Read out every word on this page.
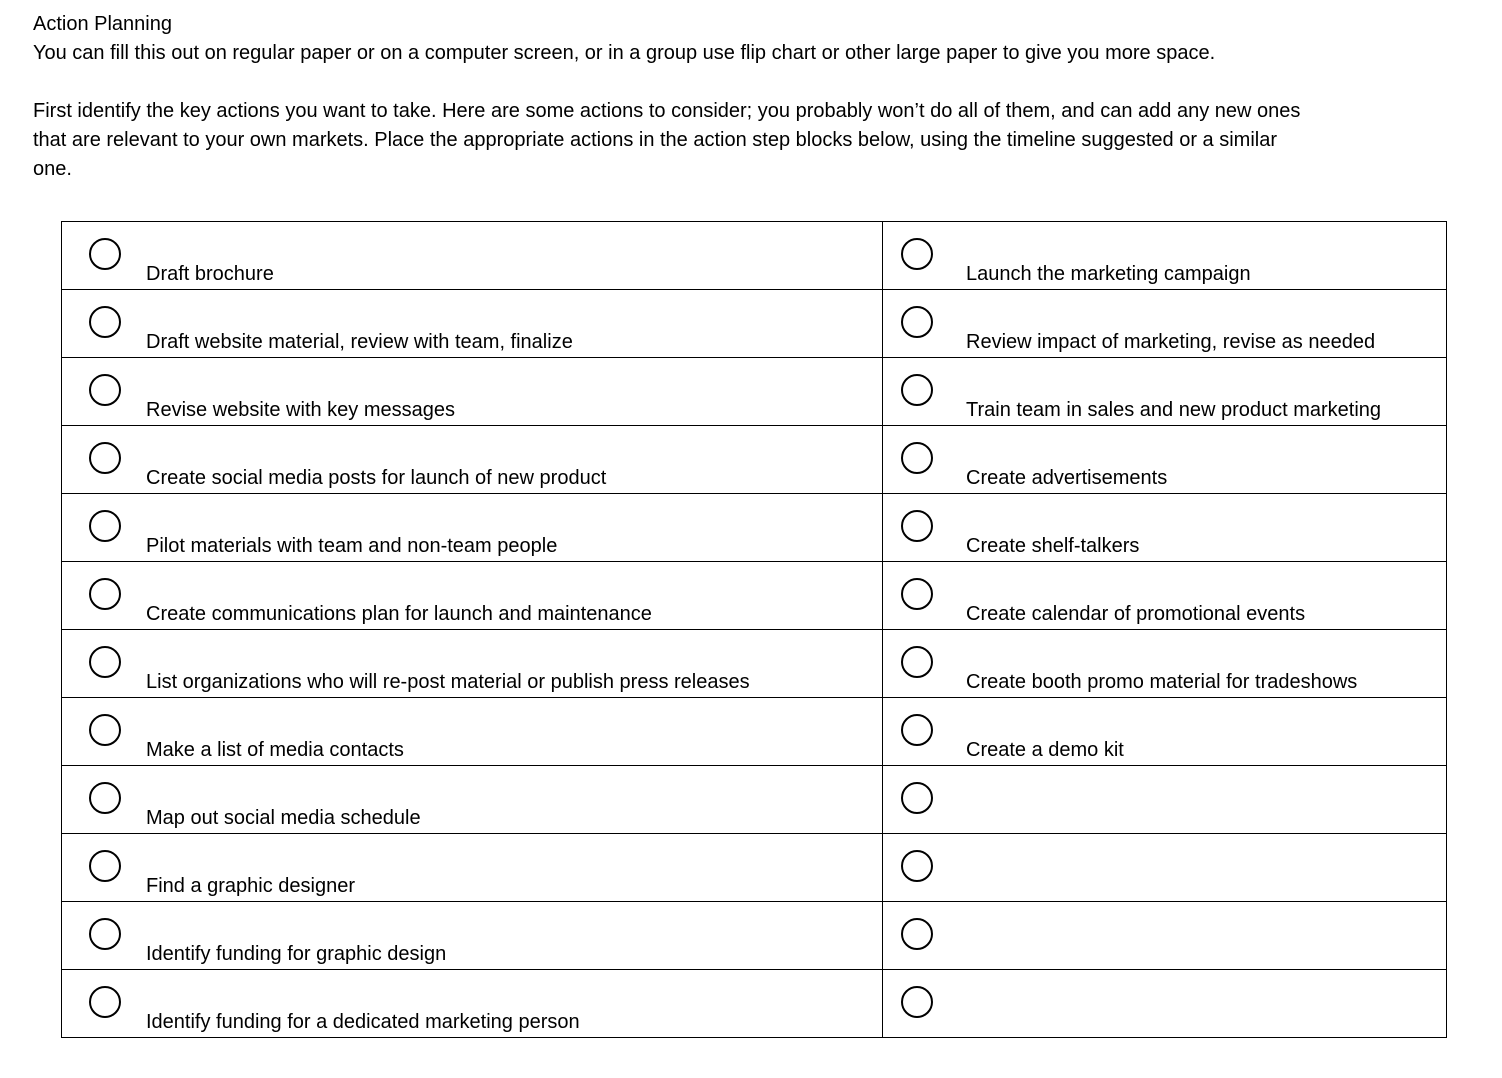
Action Planning

You can fill this out on regular paper or on a computer screen, or in a group use flip chart or other large paper to give you more space.

First identify the key actions you want to take. Here are some actions to consider; you probably won’t do all of them, and can add any new ones

that are relevant to your own markets. Place the appropriate actions in the action step blocks below, using the timeline suggested or a similar

one.

Draft brochure	Launch the marketing campaign

Draft website material, review with team, finalize	Review impact of marketing, revise as needed

Revise website with key messages	Train team in sales and new product marketing

Create social media posts for launch of new product	Create advertisements

Pilot materials with team and non-team people	Create shelf-talkers

Create communications plan for launch and maintenance	Create calendar of promotional events

List organizations who will re-post material or publish press releases	Create booth promo material for tradeshows

Make a list of media contacts	Create a demo kit

Map out social media schedule	

Find a graphic designer	

Identify funding for graphic design	

Identify funding for a dedicated marketing person	
